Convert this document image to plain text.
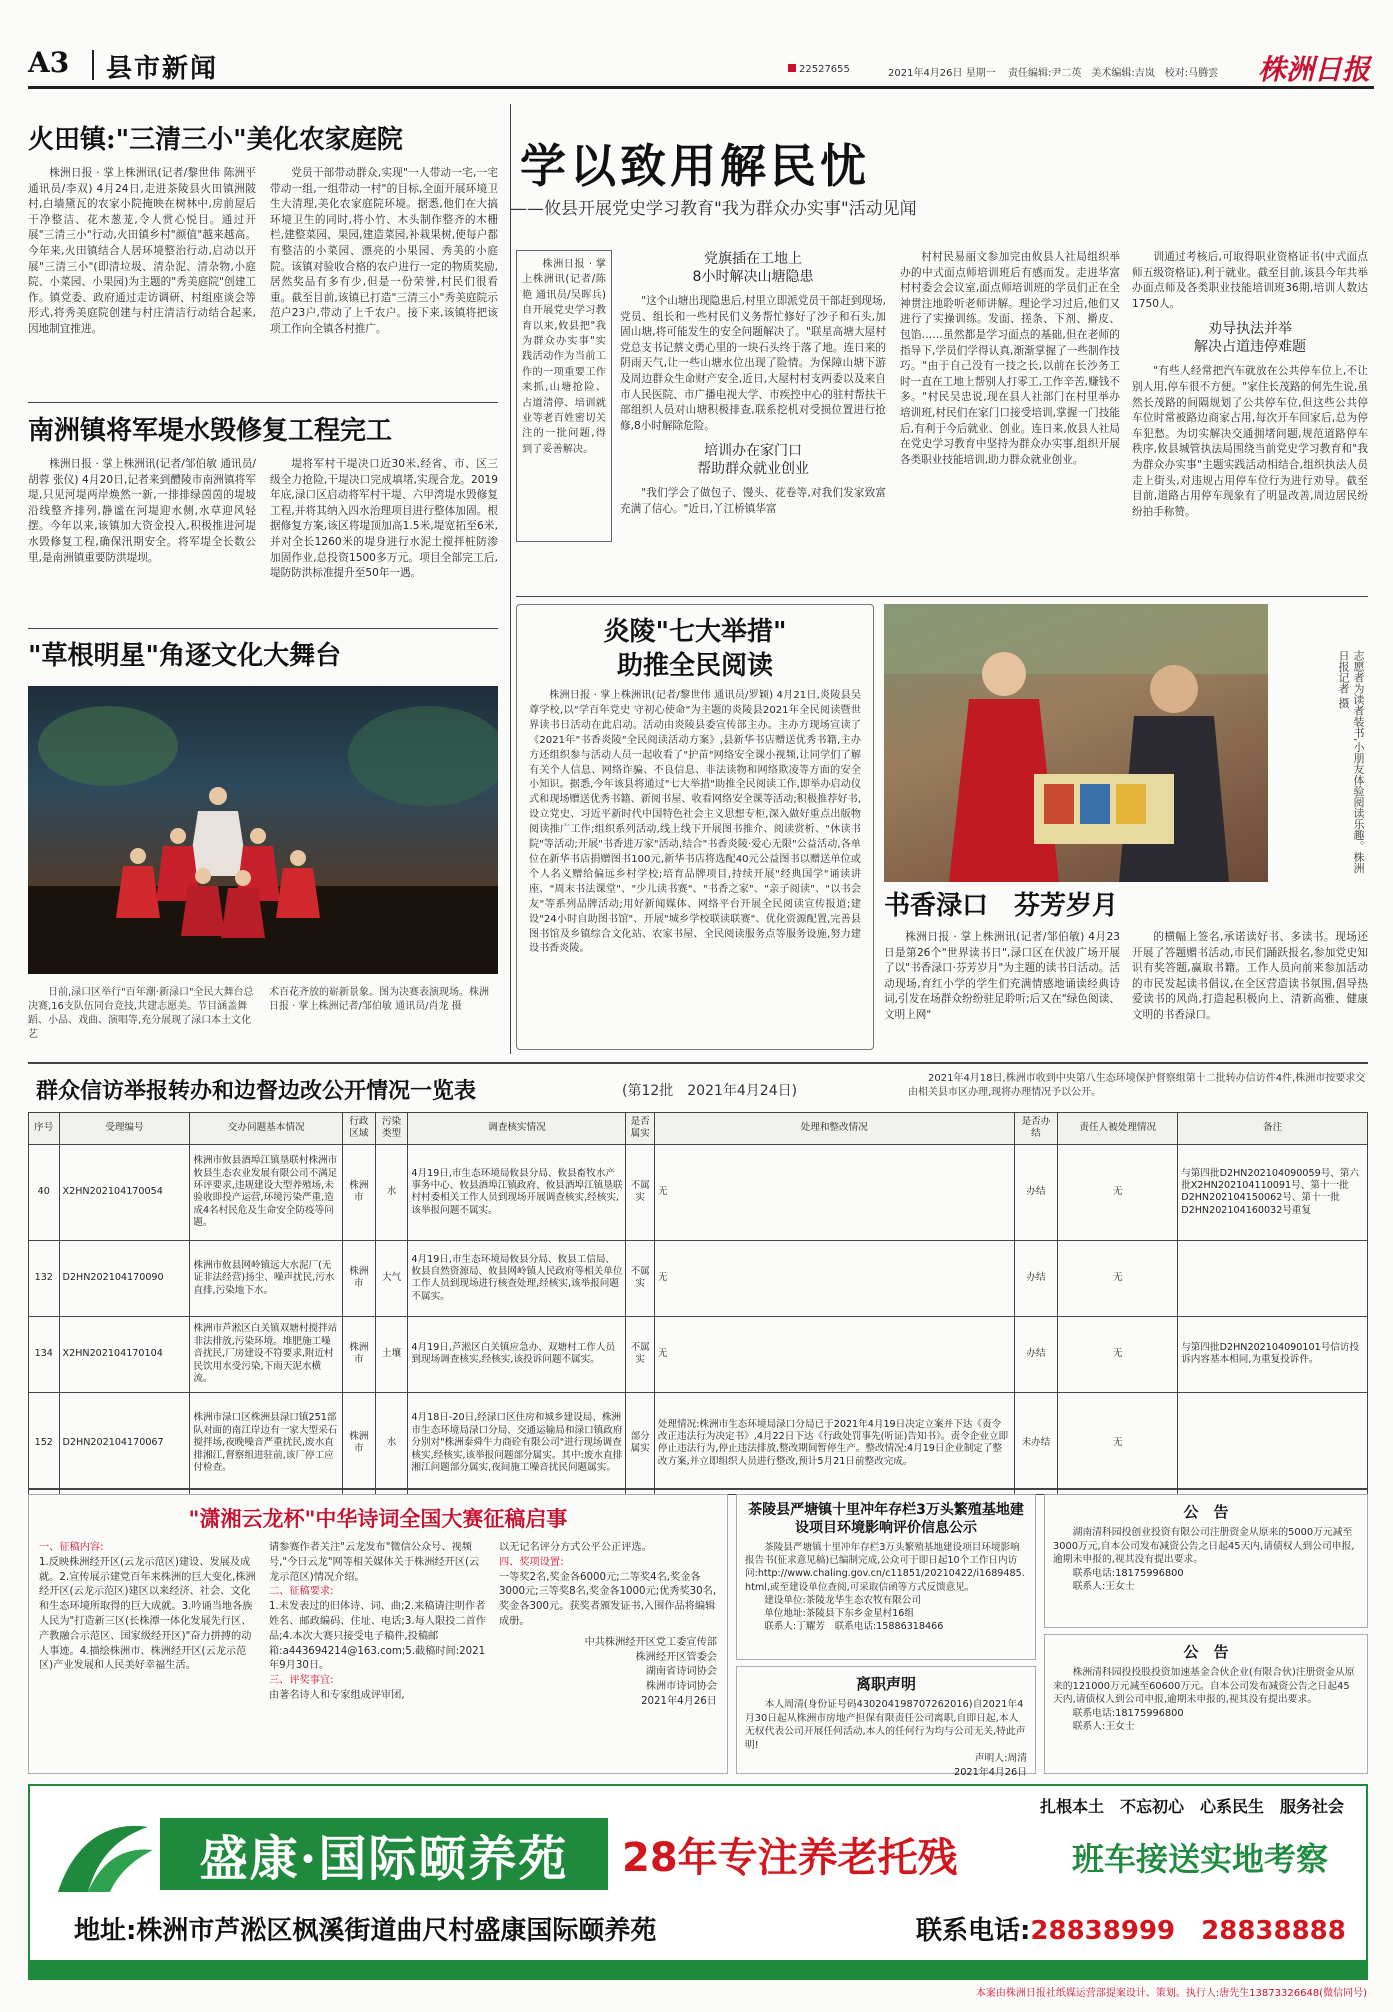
A3 县市新闻	22527655	2021年4月26日 星期一 责任编辑:尹二英　美术编辑:吉岚　校对:马腾雲 株洲日报
火田镇:"三清三小"美化农家庭院
株洲日报 · 掌上株洲讯(记者/黎世伟 陈洲平 通讯员/李双) 4月24日,走进茶陵县火田镇洲陂村,白墙黛瓦的农家小院掩映在树林中,房前屋后干净整洁、花木葱茏,令人赏心悦目。通过开展"三清三小"行动,火田镇乡村"颜值"越来越高。今年来,火田镇结合人居环境整治行动,启动以开展"三清三小"(即清垃圾、清杂泥、清杂物,小庭院、小菜园、小果园)为主题的"秀美庭院"创建工作。镇党委、政府通过走访调研、村组座谈会等形式,将秀美庭院创建与村庄清洁行动结合起来,因地制宜推进。
党员干部带动群众,实现"一人带动一宅,一宅带动一组,一组带动一村"的目标,全面开展环境卫生大清理,美化农家庭院环境。据悉,他们在大搞环境卫生的同时,将小竹、木头制作整齐的木栅栏,建整菜园、果园,建造菜园,补栽果树,使每户都有整洁的小菜园、漂亮的小果园、秀美的小庭院。该镇对验收合格的农户进行一定的物质奖励,居然奖品有多有少,但是一份荣誉,村民们很看重。截至目前,该镇已打造"三清三小"秀美庭院示范户23户,带动了上千农户。接下来,该镇将把该项工作向全镇各村推广。
南洲镇将军堤水毁修复工程完工
株洲日报 · 掌上株洲讯(记者/邹伯敏 通讯员/胡蓉 张仪) 4月20日,记者来到醴陵市南洲镇将军堤,只见河堤两岸焕然一新,一排排绿茵茵的堤坡沿线整齐排列,静谧在河堤迎水侧,水草迎风轻摆。今年以来,该镇加大资金投入,积极推进河堤水毁修复工程,确保汛期安全。将军堤全长数公里,是南洲镇重要防洪堤坝。
堤将军村干堤决口近30米,经省、市、区三级全力抢险,干堤决口完成填堵,实现合龙。2019年底,渌口区启动将军村干堤、六甲湾堤水毁修复工程,并将其纳入四水治理项目进行整体加固。根据修复方案,该区将堤顶加高1.5米,堤宽拓至6米,并对全长1260米的堤身进行水泥土搅拌桩防渗加固作业,总投资1500多万元。项目全部完工后,堤防防洪标准提升至50年一遇。
"草根明星"角逐文化大舞台
日前,渌口区举行"百年潮·新渌口"全民大舞台总决赛,16支队伍同台竞技,共建志愿美。节目涵盖舞蹈、小品、戏曲、演唱等,充分展现了渌口本土文化艺
术百花齐放的崭新景象。图为决赛表演现场。株洲日报 · 掌上株洲记者/邹伯敏 通讯员/肖龙 摄
学以致用解民忧
——攸县开展党史学习教育"我为群众办实事"活动见闻
株洲日报 · 掌上株洲讯(记者/陈艳 通讯员/吴晖兵) 自开展党史学习教育以来,攸县把"我为群众办实事"实践活动作为当前工作的一项重要工作来抓,山塘抢险、占道清停、培训就业等老百姓密切关注的一批问题,得到了妥善解决。
党旗插在工地上
8小时解决山塘隐患
"这个山塘出现隐患后,村里立即派党员干部赶到现场,党员、组长和一些村民们义务帮忙修好了沙子和石头,加固山塘,将可能发生的安全问题解决了。"联星高塘大屋村党总支书记蔡文勇心里的一块石头终于落了地。连日来的阴雨天气,让一些山塘水位出现了险情。为保障山塘下游及周边群众生命财产安全,近日,大屋村村支两委以及来自市人民医院、市广播电视大学、市疾控中心的驻村帮扶干部组织人员对山塘积极排查,联系挖机对受损位置进行抢修,8小时解除危险。
培训办在家门口
帮助群众就业创业
"我们学会了做包子、馒头、花卷等,对我们发家致富充满了信心。"近日,丫江桥镇华富
村村民易丽文参加完由攸县人社局组织举办的中式面点师培训班后有感而发。走进华富村村委会会议室,面点师培训班的学员们正在全神贯注地聆听老师讲解。理论学习过后,他们又进行了实操训练。发面、搓条、下剂、擀皮、包馅……虽然都是学习面点的基础,但在老师的指导下,学员们学得认真,渐渐掌握了一些制作技巧。"由于自己没有一技之长,以前在长沙务工时一直在工地上帮别人打零工,工作辛苦,赚钱不多。"村民吴忠说,现在县人社部门在村里举办培训班,村民们在家门口接受培训,掌握一门技能后,有利于今后就业、创业。连日来,攸县人社局在党史学习教育中坚持为群众办实事,组织开展各类职业技能培训,助力群众就业创业。
训通过考核后,可取得职业资格证书(中式面点师五级资格证),利于就业。截至目前,该县今年共举办面点师及各类职业技能培训班36期,培训人数达1750人。
劝导执法并举
解决占道违停难题
"有些人经常把汽车就放在公共停车位上,不让别人用,停车很不方便。"家住长茂路的何先生说,虽然长茂路的间隔规划了公共停车位,但这些公共停车位时常被路边商家占用,每次开车回家后,总为停车犯愁。为切实解决交通拥堵问题,规范道路停车秩序,攸县城管执法局围绕当前党史学习教育和"我为群众办实事"主题实践活动相结合,组织执法人员走上街头,对违规占用停车位行为进行劝导。截至目前,道路占用停车现象有了明显改善,周边居民纷纷拍手称赞。
炎陵"七大举措"
助推全民阅读
株洲日报 · 掌上株洲讯(记者/黎世伟 通讯员/罗颖) 4月21日,炎陵县吴尊学校,以"学百年党史 守初心使命"为主题的炎陵县2021年全民阅读暨世界读书日活动在此启动。活动由炎陵县委宣传部主办。主办方现场宣读了《2021年"书香炎陵"全民阅读活动方案》,县新华书店赠送优秀书籍,主办方还组织参与活动人员一起收看了"护苗"网络安全课小视频,让同学们了解有关个人信息、网络诈骗、不良信息、非法读物和网络欺凌等方面的安全小知识。据悉,今年该县将通过"七大举措"助推全民阅读工作,即举办启动仪式和现场赠送优秀书籍、新阅书屋、收看网络安全课等活动;积极推荐好书,设立党史、习近平新时代中国特色社会主义思想专柜,深入做好重点出版物阅读推广工作;组织系列活动,线上线下开展图书推介、阅读赏析、"休读书院"等活动;开展"书香进万家"活动,结合"书香炎陵·爱心无限"公益活动,各单位在新华书店捐赠图书100元,新华书店将选配40元公益图书以赠送单位或个人名义赠给偏远乡村学校;培育品牌项目,持续开展"经典国学"诵读讲座、"周末书法课堂"、"少儿读书赛"、"书香之家"、"亲子阅读"、"以书会友"等系列品牌活动;用好新闻媒体、网络平台开展全民阅读宣传报道;建设"24小时自助图书馆"、开展"城乡学校联读联赛"、优化资源配置,完善县图书馆及乡镇综合文化站、农家书屋、全民阅读服务点等服务设施,努力建设书香炎陵。
志愿者为读者装书,小朋友体验阅读乐趣。株洲日报记者 摄
书香渌口　芬芳岁月
株洲日报 · 掌上株洲讯(记者/邹伯敏) 4月23日是第26个"世界读书日",渌口区在伏波广场开展了以"书香渌口·芬芳岁月"为主题的读书日活动。活动现场,育红小学的学生们充满情感地诵读经典诗词,引发在场群众纷纷驻足聆听;后又在"绿色阅读、文明上网"
的横幅上签名,承诺读好书、多读书。现场还开展了答题赠书活动,市民们踊跃报名,参加党史知识有奖答题,赢取书籍。工作人员向前来参加活动的市民发起读书倡议,在全区营造读书氛围,倡导热爱读书的风尚,打造起积极向上、清新高雅、健康文明的书香渌口。
群众信访举报转办和边督边改公开情况一览表	(第12批　2021年4月24日)
2021年4月18日,株洲市收到中央第八生态环境保护督察组第十二批转办信访件4件,株洲市按要求交由相关县市区办理,现将办理情况予以公开。
序号	受理编号	交办问题基本情况	行政区域	污染类型	调查核实情况	是否属实	处理和整改情况	是否办结	责任人被处理情况	备注
40	X2HN202104170054	株洲市攸县酒埠江镇垦联村株洲市攸县生态农业发展有限公司不满足环评要求,违规建设大型养殖场,未验收即投产运营,环境污染严重,造成4名村民危及生命安全防疫等问题。	株洲市	水	4月19日,市生态环境局攸县分局、攸县畜牧水产事务中心、攸县酒埠江镇政府、攸县酒埠江镇垦联村村委相关工作人员到现场开展调查核实,经核实,该举报问题不属实。	不属实	无	办结	无	与第四批D2HN202104090059号、第六批X2HN202104110091号、第十一批D2HN202104150062号、第十一批D2HN202104160032号重复
132	D2HN202104170090	株洲市攸县网岭镇远大水泥厂(无证非法经营)扬尘、噪声扰民,污水直排,污染地下水。	株洲市	大气	4月19日,市生态环境局攸县分局、攸县工信局、攸县自然资源局、攸县网岭镇人民政府等相关单位工作人员到现场进行核查处理,经核实,该举报问题不属实。	不属实	无	办结	无	
134	X2HN202104170104	株洲市芦淞区白关镇双塘村搅拌站非法排放,污染环境。堆肥施工噪音扰民,厂房建设不符要求,附近村民饮用水受污染,下雨天泥水横流。	株洲市	土壤	4月19日,芦淞区白关镇应急办、双塘村工作人员到现场调查核实,经核实,该投诉问题不属实。	不属实	无	办结	无	与第四批D2HN202104090101号信访投诉内容基本相同,为重复投诉件。
152	D2HN202104170067	株洲市渌口区株洲县渌口镇251部队对面的南江岸边有一家大型采石搅拌场,夜晚噪音严重扰民,废水直排湘江,督察组进驻前,该厂停工应付检查。	株洲市	水	4月18日-20日,经渌口区住房和城乡建设局、株洲市生态环境局渌口分局、交通运输局和渌口镇政府分别对"株洲泰舜牛力商砼有限公司"进行现场调查核实,经核实,该举报问题部分属实。其中:废水直排湘江问题部分属实,夜间施工噪音扰民问题属实。	部分属实	处理情况:株洲市生态环境局渌口分局已于2021年4月19日决定立案并下达《责令改正违法行为决定书》,4月22日下达《行政处罚事先(听证)告知书》。责令企业立即停止违法行为,停止违法排放,整改期间暂停生产。整改情况:4月19日企业制定了整改方案,并立即组织人员进行整改,预计5月21日前整改完成。	未办结	无	
"潇湘云龙杯"中华诗词全国大赛征稿启事
一、征稿内容:
1.反映株洲经开区(云龙示范区)建设、发展及成就。2.宣传展示建党百年来株洲的巨大变化,株洲经开区(云龙示范区)建区以来经济、社会、文化和生态环境所取得的巨大成就。3.吟诵当地各族人民为"打造新三区(长株潭一体化发展先行区、产教融合示范区、国家级经开区)"奋力拼搏的动人事迹。4.描绘株洲市、株洲经开区(云龙示范区)产业发展和人民美好幸福生活。
请参赛作者关注"云龙发布"微信公众号、视频号,"今日云龙"网等相关媒体关于株洲经开区(云龙示范区)情况介绍。
二、征稿要求:
1.未发表过的旧体诗、词、曲;2.来稿请注明作者姓名、邮政编码、住址、电话;3.每人限投二首作品;4.本次大赛只接受电子稿件,投稿邮箱:a443694214@163.com;5.截稿时间:2021年9月30日。
三、评奖事宜:
由著名诗人和专家组成评审团,
以无记名评分方式公平公正评选。
四、奖项设置:
一等奖2名,奖金各6000元;二等奖4名,奖金各3000元;三等奖8名,奖金各1000元;优秀奖30名,奖金各300元。获奖者颁发证书,入围作品将编辑成册。
中共株洲经开区党工委宣传部
株洲经开区管委会
湖南省诗词协会
株洲市诗词协会
2021年4月26日
茶陵县严塘镇十里冲年存栏3万头繁殖基地建设项目环境影响评价信息公示
茶陵县严塘镇十里冲年存栏3万头繁殖基地建设项目环境影响报告书(征求意见稿)已编制完成,公众可于即日起10个工作日内访问:http://www.chaling.gov.cn/c11851/20210422/i1689485.html,或至建设单位查阅,可采取信函等方式反馈意见。
建设单位:茶陵龙华生态农牧有限公司
单位地址:茶陵县下东乡金星村16组
联系人:丁耀芳　联系电话:15886318466
离职声明
本人周清(身份证号码430204198707262016)自2021年4月30日起从株洲市房地产担保有限责任公司离职,自即日起,本人无权代表公司开展任何活动,本人的任何行为均与公司无关,特此声明!
声明人:周清
2021年4月26日
公　告
湖南清科园投创业投资有限公司注册资金从原来的5000万元减至3000万元,自本公司发布减资公告之日起45天内,请债权人到公司申报,逾期未申报的,视其没有提出要求。
联系电话:18175996800
联系人:王女士
公　告
株洲清科园投投股投资加速基金合伙企业(有限合伙)注册资金从原来的121000万元减至60600万元。自本公司发布减资公告之日起45天内,请债权人到公司申报,逾期未申报的,视其没有提出要求。
联系电话:18175996800
联系人:王女士
扎根本土　不忘初心　心系民生　服务社会
盛康·国际颐养苑 28年专注养老托残	班车接送实地考察
地址:株洲市芦淞区枫溪街道曲尺村盛康国际颐养苑	联系电话:28838999　28838888
本案由株洲日报社纸媒运营部提案设计、策划。执行人:唐先生13873326648(微信同号)
